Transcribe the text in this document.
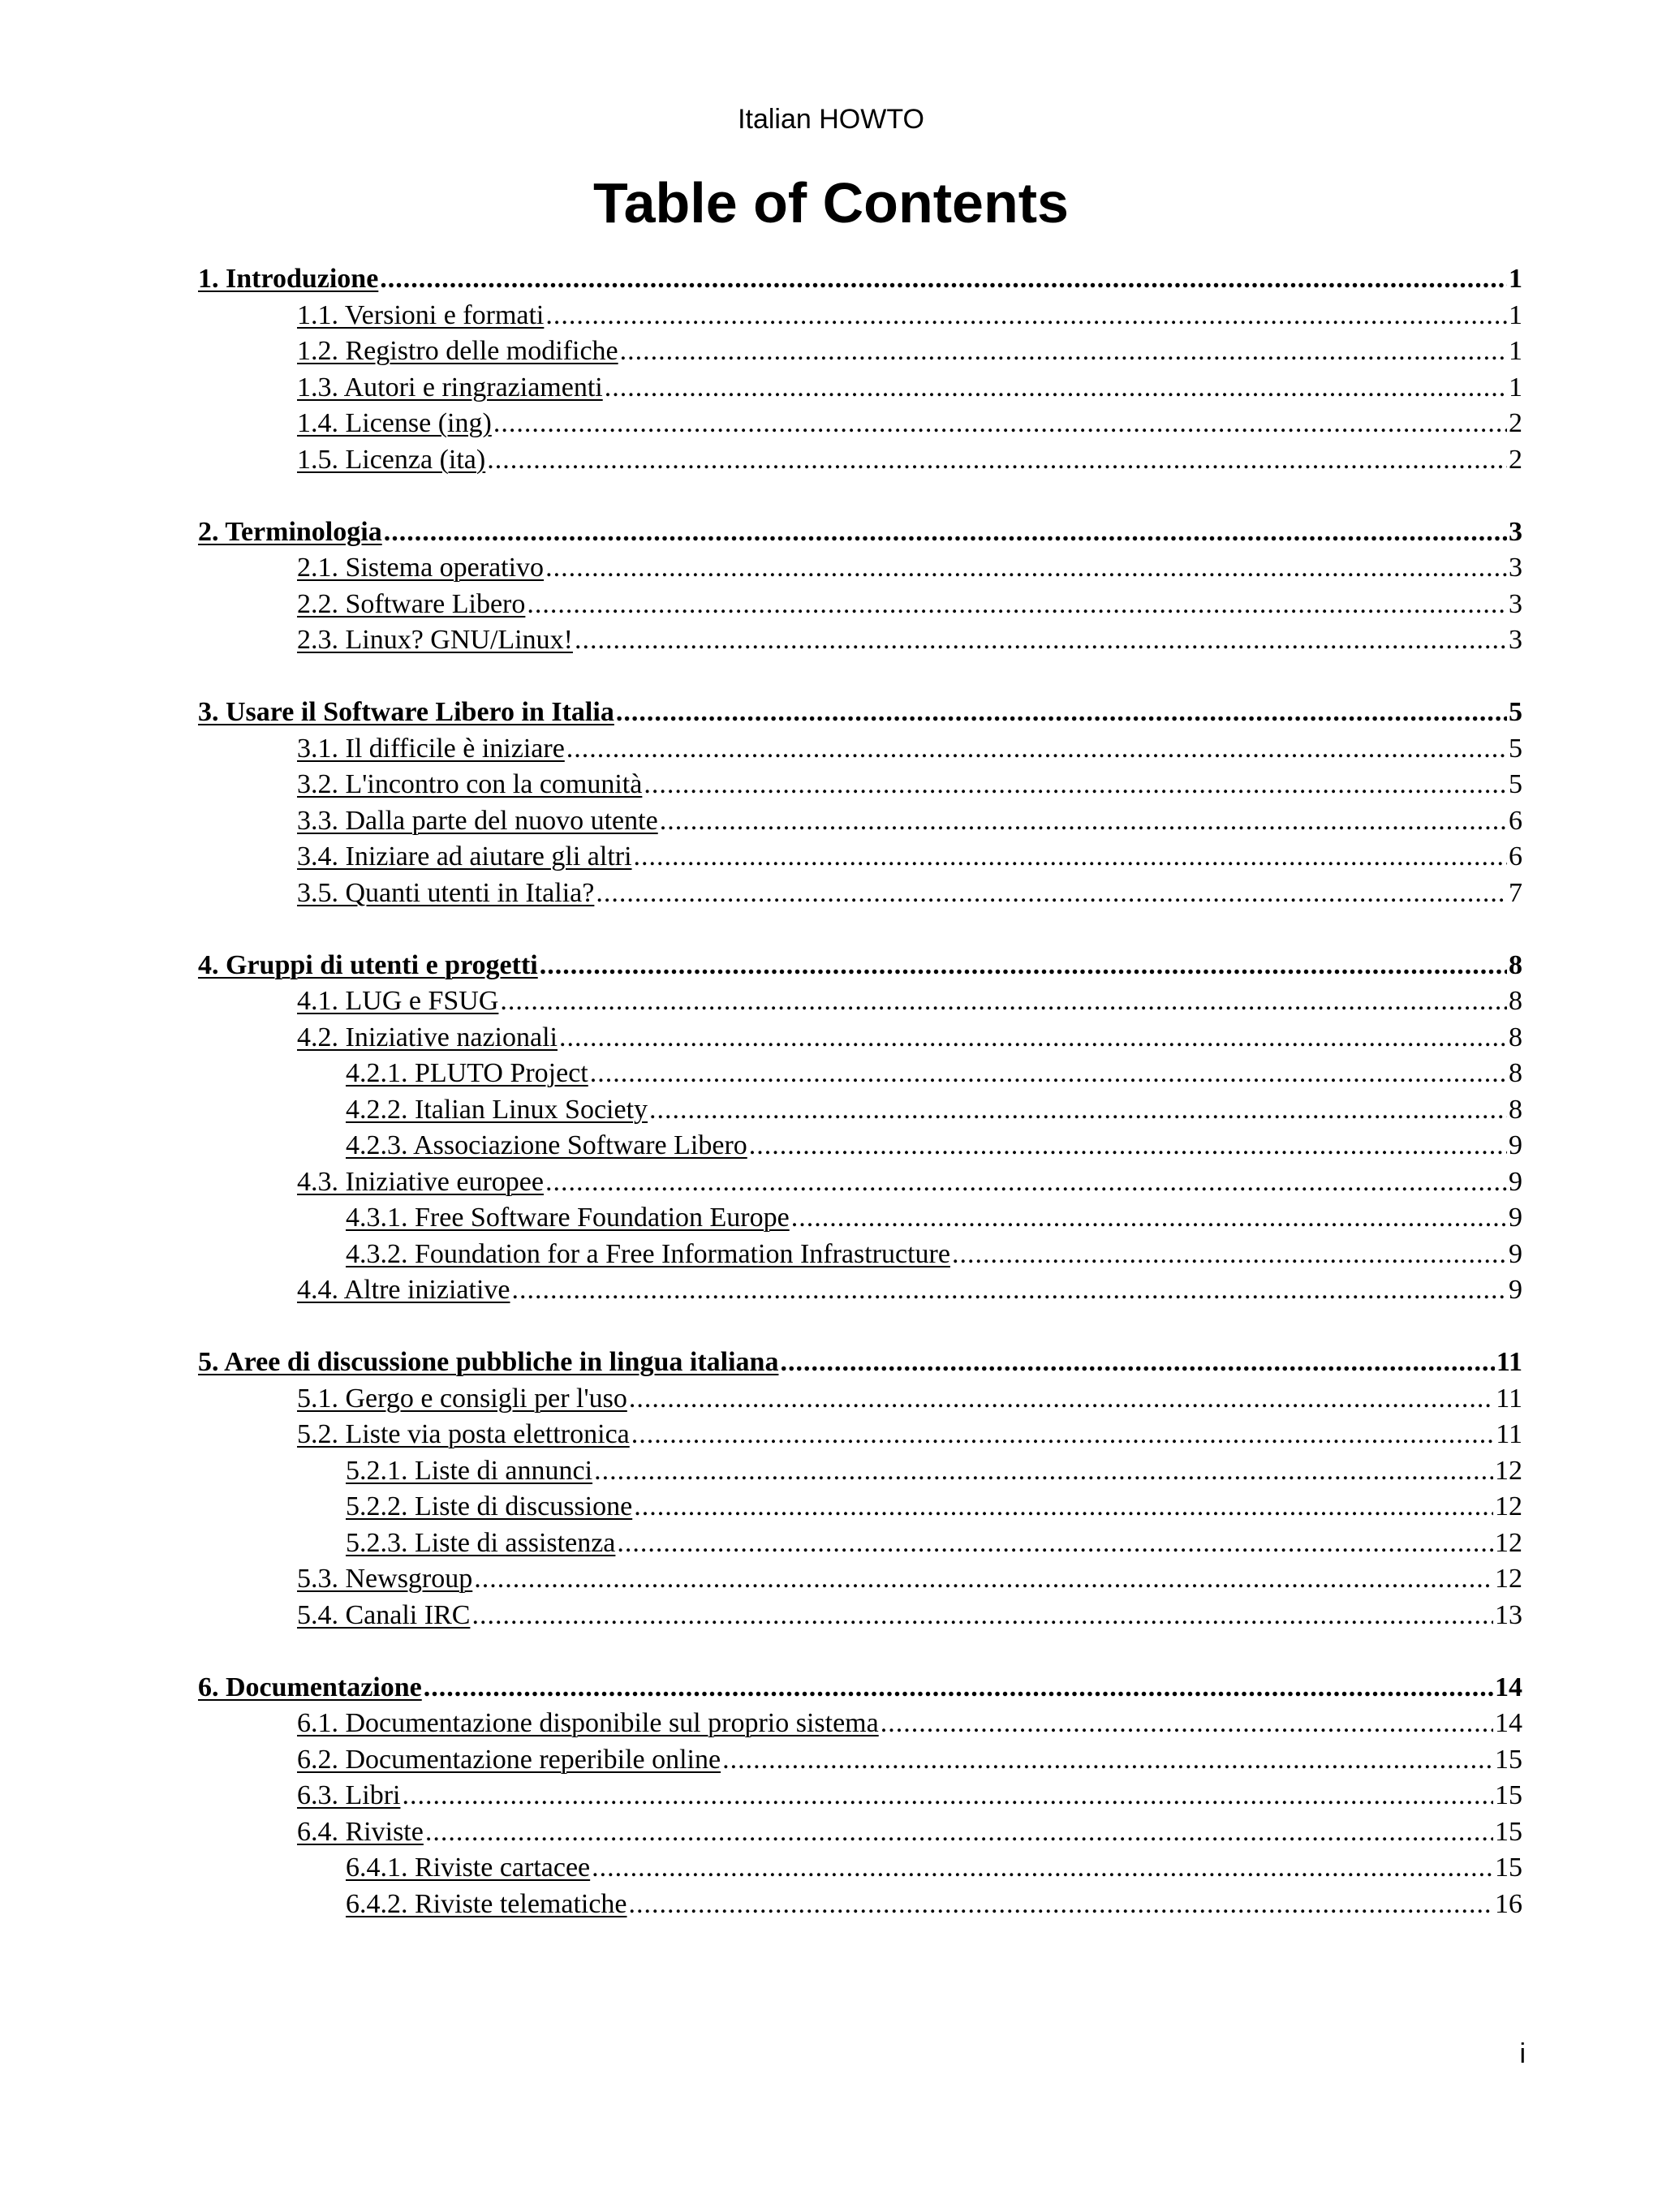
Italian HOWTO
Table of Contents
1. Introduzione .....	1
1.1. Versioni e formati .....	1
1.2. Registro delle modifiche .....	1
1.3. Autori e ringraziamenti .....	1
1.4. License (ing) .....	2
1.5. Licenza (ita) .....	2
2. Terminologia .....	3
2.1. Sistema operativo .....	3
2.2. Software Libero .....	3
2.3. Linux? GNU/Linux! .....	3
3. Usare il Software Libero in Italia .....	5
3.1. Il difficile è iniziare .....	5
3.2. L'incontro con la comunità .....	5
3.3. Dalla parte del nuovo utente .....	6
3.4. Iniziare ad aiutare gli altri .....	6
3.5. Quanti utenti in Italia? .....	7
4. Gruppi di utenti e progetti .....	8
4.1. LUG e FSUG .....	8
4.2. Iniziative nazionali .....	8
4.2.1. PLUTO Project .....	8
4.2.2. Italian Linux Society .....	8
4.2.3. Associazione Software Libero .....	9
4.3. Iniziative europee .....	9
4.3.1. Free Software Foundation Europe .....	9
4.3.2. Foundation for a Free Information Infrastructure .....	9
4.4. Altre iniziative .....	9
5. Aree di discussione pubbliche in lingua italiana .....	11
5.1. Gergo e consigli per l'uso .....	11
5.2. Liste via posta elettronica .....	11
5.2.1. Liste di annunci .....	12
5.2.2. Liste di discussione .....	12
5.2.3. Liste di assistenza .....	12
5.3. Newsgroup .....	12
5.4. Canali IRC .....	13
6. Documentazione .....	14
6.1. Documentazione disponibile sul proprio sistema .....	14
6.2. Documentazione reperibile online .....	15
6.3. Libri .....	15
6.4. Riviste .....	15
6.4.1. Riviste cartacee .....	15
6.4.2. Riviste telematiche .....	16
i
